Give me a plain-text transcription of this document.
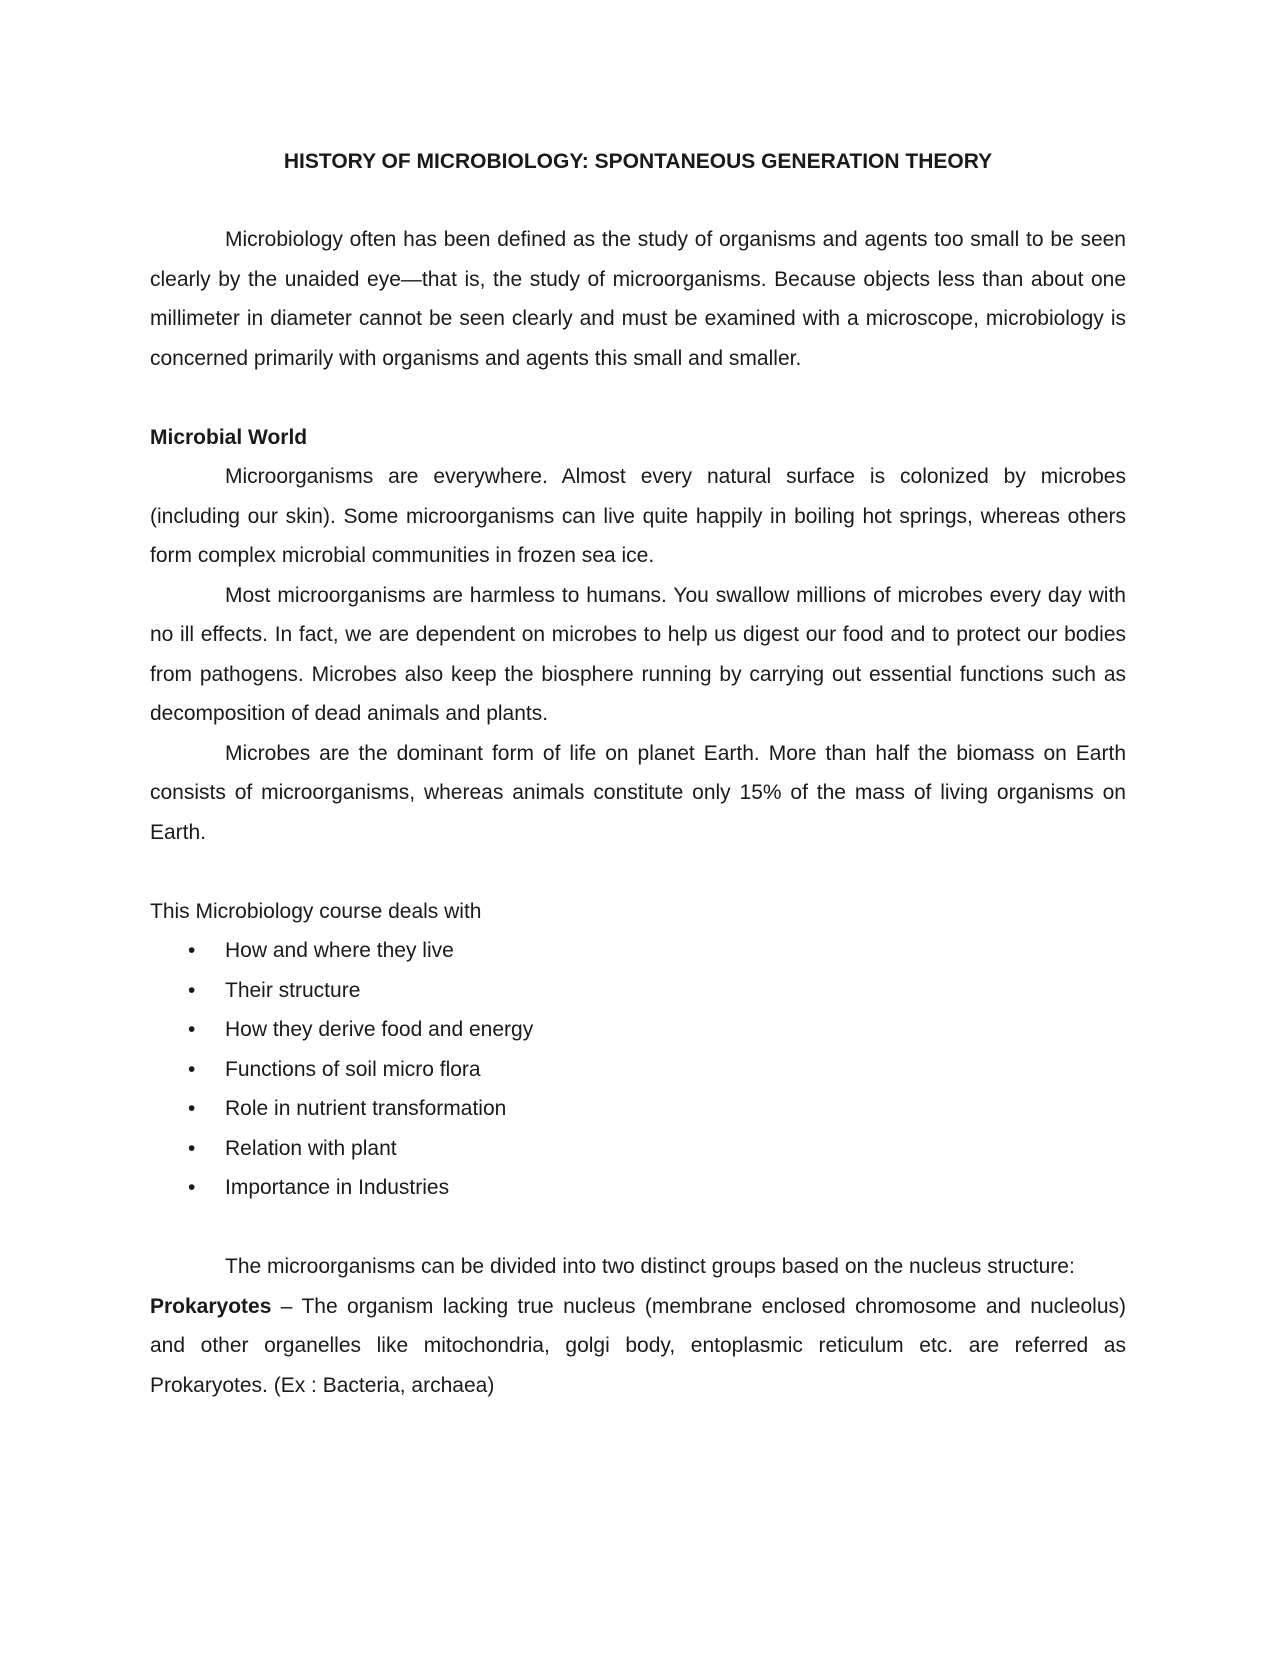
HISTORY OF MICROBIOLOGY: SPONTANEOUS GENERATION THEORY

Microbiology often has been defined as the study of organisms and agents too small to be seen clearly by the unaided eye—that is, the study of microorganisms. Because objects less than about one millimeter in diameter cannot be seen clearly and must be examined with a microscope, microbiology is concerned primarily with organisms and agents this small and smaller.

Microbial World

Microorganisms are everywhere. Almost every natural surface is colonized by microbes (including our skin). Some microorganisms can live quite happily in boiling hot springs, whereas others form complex microbial communities in frozen sea ice.

Most microorganisms are harmless to humans. You swallow millions of microbes every day with no ill effects. In fact, we are dependent on microbes to help us digest our food and to protect our bodies from pathogens. Microbes also keep the biosphere running by carrying out essential functions such as decomposition of dead animals and plants.

Microbes are the dominant form of life on planet Earth. More than half the biomass on Earth consists of microorganisms, whereas animals constitute only 15% of the mass of living organisms on Earth.

This Microbiology course deals with

• How and where they live
• Their structure
• How they derive food and energy
• Functions of soil micro flora
• Role in nutrient transformation
• Relation with plant
• Importance in Industries

The microorganisms can be divided into two distinct groups based on the nucleus structure:

Prokaryotes – The organism lacking true nucleus (membrane enclosed chromosome and nucleolus) and other organelles like mitochondria, golgi body, entoplasmic reticulum etc. are referred as Prokaryotes. (Ex : Bacteria, archaea)
